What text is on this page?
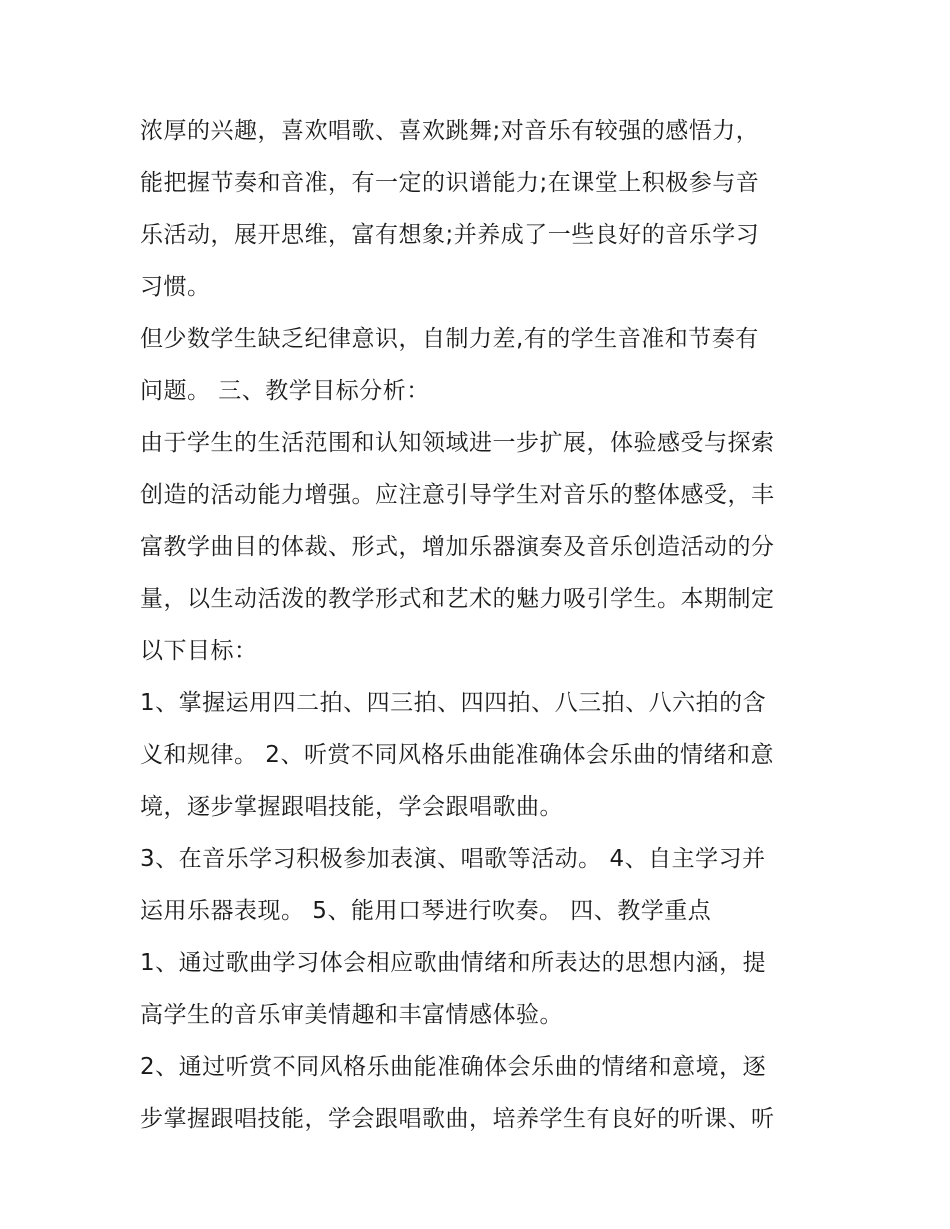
浓厚的兴趣，喜欢唱歌、喜欢跳舞;对音乐有较强的感悟力，
能把握节奏和音准，有一定的识谱能力;在课堂上积极参与音
乐活动，展开思维，富有想象;并养成了一些良好的音乐学习
习惯。
但少数学生缺乏纪律意识，自制力差,有的学生音准和节奏有
问题。 三、教学目标分析：
由于学生的生活范围和认知领域进一步扩展，体验感受与探索
创造的活动能力增强。应注意引导学生对音乐的整体感受，丰
富教学曲目的体裁、形式，增加乐器演奏及音乐创造活动的分
量，以生动活泼的教学形式和艺术的魅力吸引学生。本期制定
以下目标：
1、掌握运用四二拍、四三拍、四四拍、八三拍、八六拍的含
义和规律。 2、听赏不同风格乐曲能准确体会乐曲的情绪和意
境，逐步掌握跟唱技能，学会跟唱歌曲。
3、在音乐学习积极参加表演、唱歌等活动。 4、自主学习并
运用乐器表现。 5、能用口琴进行吹奏。 四、教学重点
1、通过歌曲学习体会相应歌曲情绪和所表达的思想内涵，提
高学生的音乐审美情趣和丰富情感体验。
2、通过听赏不同风格乐曲能准确体会乐曲的情绪和意境，逐
步掌握跟唱技能，学会跟唱歌曲，培养学生有良好的听课、听
